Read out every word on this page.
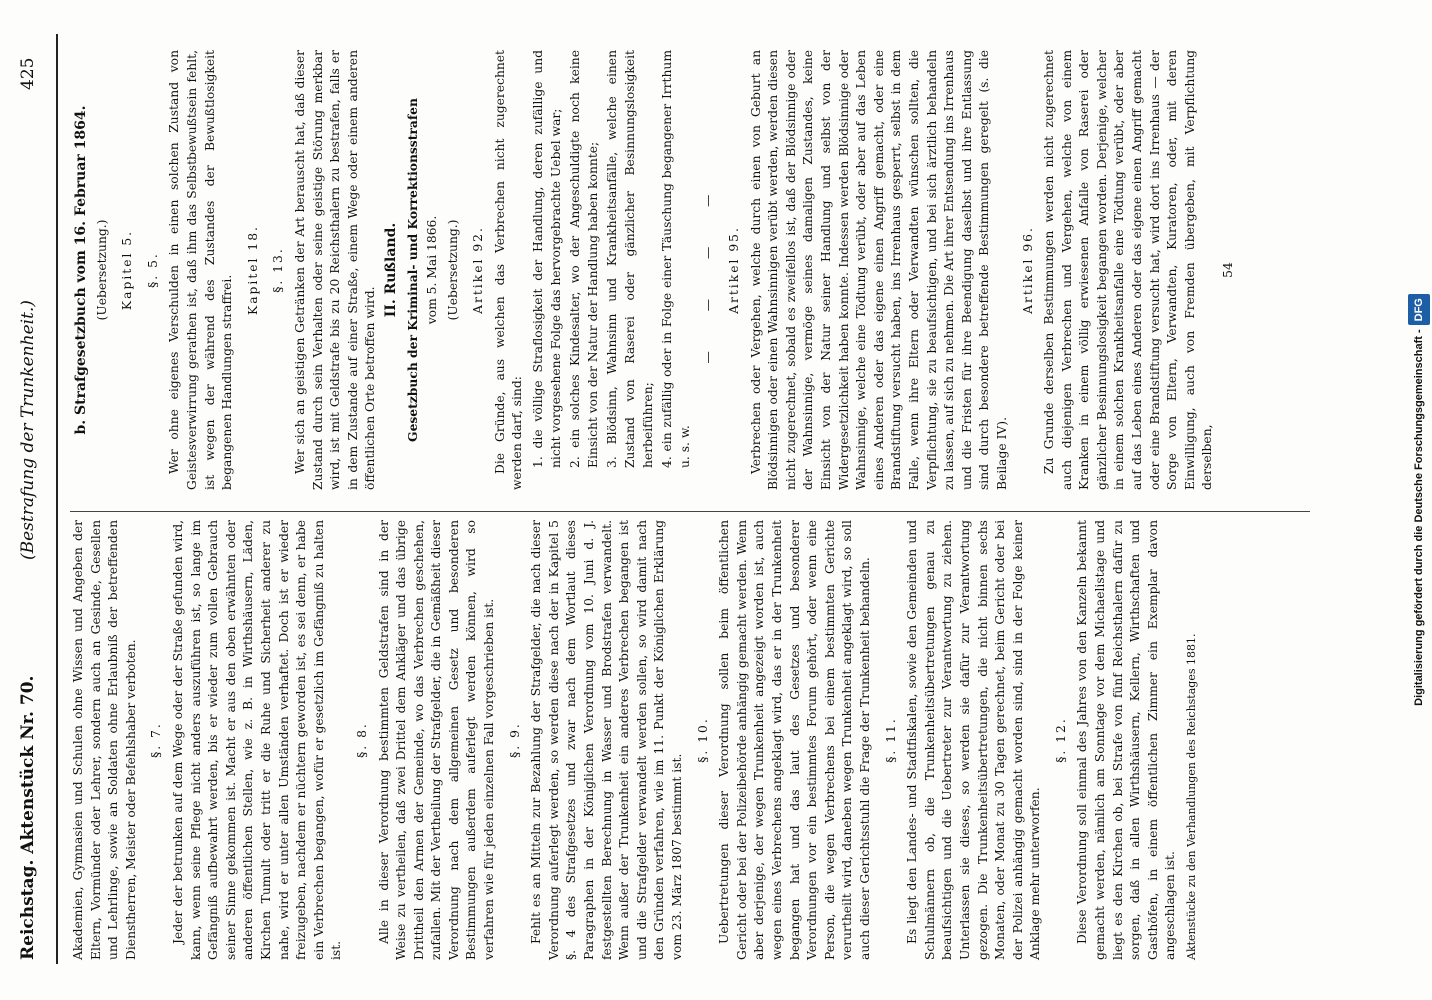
Reichstag. Aktenstück Nr. 70.
(Bestrafung der Trunkenheit.)
425

Akademien, Gymnasien und Schulen ohne Wissen und Angeben der Eltern, Vormünder oder Lehrer, sondern auch an Gesinde, Gesellen und Lehrlinge, sowie an Soldaten ohne Erlaubniß der betreffenden Dienstherren, Meister oder Befehlshaber verboten. §. 7. Jeder der betrunken auf dem Wege oder der Straße gefunden wird, kann, wenn seine Pflege nicht anders auszuführen ist, so lange im Gefängniß aufbewahrt werden, bis er wieder zum vollen Gebrauch seiner Sinne gekommen ist. Macht er aus den oben erwähnten oder anderen öffentlichen Stellen, wie z. B. in Wirthshäusern, Läden, Kirchen Tumult oder tritt er die Ruhe und Sicherheit anderer zu nahe, wird er unter allen Umständen verhaftet. Doch ist er wieder freizugeben, nachdem er nüchtern geworden ist, es sei denn, er habe ein Verbrechen begangen, wofür er gesetzlich im Gefängniß zu halten ist.

§. 8. Alle in dieser Verordnung bestimmten Geldstrafen sind in der Weise zu vertheilen, daß zwei Drittel dem Ankläger und das übrige Drittheil den Armen der Gemeinde, wo das Verbrechen geschehen, zufallen. Mit der Vertheilung der Strafgelder, die in Gemäßheit dieser Verordnung nach dem allgemeinen Gesetz und besonderen Bestimmungen außerdem auferlegt werden können, wird so verfahren wie für jeden einzelnen Fall vorgeschrieben ist. §. 9. Fehlt es an Mitteln zur Bezahlung der Strafgelder, die nach dieser Verordnung auferlegt werden, so werden diese nach der in Kapitel 5 §. 4 des Strafgesetzes und zwar nach dem Wortlaut dieses Paragraphen in der Königlichen Verordnung vom 10. Juni d. J. festgestellten Berechnung in Wasser und Brodstrafen verwandelt. Wenn außer der Trunkenheit ein anderes Verbrechen begangen ist und die Strafgelder verwandelt werden sollen, so wird damit nach den Gründen verfahren, wie im 11. Punkt der Königlichen Erklärung vom 23. März 1807 bestimmt ist.

§. 10. Uebertretungen dieser Verordnung sollen beim öffentlichen Gericht oder bei der Polizeibehörde anhängig gemacht werden. Wenn aber derjenige, der wegen Trunkenheit angezeigt worden ist, auch wegen eines Verbrechens angeklagt wird, das er in der Trunkenheit begangen hat und das laut des Gesetzes und besonderer Verordnungen vor ein bestimmtes Forum gehört, oder wenn eine Person, die wegen Verbrechens bei einem bestimmten Gerichte verurtheilt wird, daneben wegen Trunkenheit angeklagt wird, so soll auch dieser Gerichtsstuhl die Frage der Trunkenheit behandeln. §. 11. Es liegt den Landes- und Stadtfiskalen, sowie den Gemeinden und Schulmännern ob, die Trunkenheitsübertretungen genau zu beaufsichtigen und die Uebertreter zur Verantwortung zu ziehen. Unterlassen sie dieses, so werden sie dafür zur Verantwortung gezogen. Die Trunkenheitsübertretungen, die nicht binnen sechs Monaten, oder Monat zu 30 Tagen gerechnet, beim Gericht oder bei der Polizei anhängig gemacht worden sind, sind in der Folge keiner Anklage mehr unterworfen.

§. 12. Diese Verordnung soll einmal des Jahres von den Kanzeln bekannt gemacht werden, nämlich am Sonntage vor dem Michaelistage und liegt es den Kirchen ob, bei Strafe von fünf Reichsthalern dafür zu sorgen, daß in allen Wirthshäusern, Kellern, Wirthschaften und Gasthöfen, in einem öffentlichen Zimmer ein Exemplar davon angeschlagen ist. Aktenstücke zu den Verhandlungen des Reichstages 1881.

b. Strafgesetzbuch vom 16. Februar 1864. (Uebersetzung.) Kapitel 5. §. 5. Wer ohne eigenes Verschulden in einen solchen Zustand von Geistesverwirrung gerathen ist, daß ihm das Selbstbewußtsein fehlt, ist wegen der während des Zustandes der Bewußtlosigkeit begangenen Handlungen straffrei.

Kapitel 18. §. 13. Wer sich an geistigen Getränken der Art berauscht hat, daß dieser Zustand durch sein Verhalten oder seine geistige Störung merkbar wird, ist mit Geldstrafe bis zu 20 Reichsthalern zu bestrafen, falls er in dem Zustande auf einer Straße, einem Wege oder einem anderen öffentlichen Orte betroffen wird.

II. Rußland. Gesetzbuch der Kriminal- und Korrektionsstrafen vom 5. Mai 1866. (Uebersetzung.) Artikel 92. Die Gründe, aus welchen das Verbrechen nicht zugerechnet werden darf, sind: 1. die völlige Straflosigkeit der Handlung, deren zufällige und nicht vorgesehene Folge das hervorgebrachte Uebel war; 2. ein solches Kindesalter, wo der Angeschuldigte noch keine Einsicht von der Natur der Handlung haben konnte; 3. Blödsinn, Wahnsinn und Krankheitsanfälle, welche einen Zustand von Raserei oder gänzlicher Besinnungslosigkeit herbeiführen; 4. ein zufällig oder in Folge einer Täuschung begangener Irrthum u. s. w.
— — — — Artikel 95. Verbrechen oder Vergehen, welche durch einen von Geburt an Blödsinnigen oder einen Wahnsinnigen verübt werden, werden diesen nicht zugerechnet, sobald es zweifellos ist, daß der Blödsinnige oder der Wahnsinnige, vermöge seines damaligen Zustandes, keine Einsicht von der Natur seiner Handlung und selbst von der Widergesetzlichkeit haben konnte. Indessen werden Blödsinnige oder Wahnsinnige, welche eine Tödtung verübt, oder aber auf das Leben eines Anderen oder das eigene einen Angriff gemacht, oder eine Brandstiftung versucht haben, ins Irrenhaus gesperrt, selbst in dem Falle, wenn ihre Eltern oder Verwandten wünschen sollten, die Verpflichtung, sie zu beaufsichtigen, und bei sich ärztlich behandeln zu lassen, auf sich zu nehmen. Die Art ihrer Entsendung ins Irrenhaus und die Fristen für ihre Beendigung daselbst und ihre Entlassung sind durch besondere betreffende Bestimmungen geregelt (s. die Beilage IV).

Artikel 96. Zu Grunde derselben Bestimmungen werden nicht zugerechnet auch diejenigen Verbrechen und Vergehen, welche von einem Kranken in einem völlig erwiesenen Anfalle von Raserei oder gänzlicher Besinnungslosigkeit begangen worden. Derjenige, welcher in einem solchen Krankheitsanfalle eine Tödtung verübt, oder aber auf das Leben eines Anderen oder das eigene einen Angriff gemacht oder eine Brandstiftung versucht hat, wird dort ins Irrenhaus — der Sorge von Eltern, Verwandten, Kuratoren, oder, mit deren Einwilligung, auch von Fremden übergeben, mit Verpflichtung derselben,

54
Digitalisierung gefördert durch die Deutsche Forschungsgemeinschaft -DFG
